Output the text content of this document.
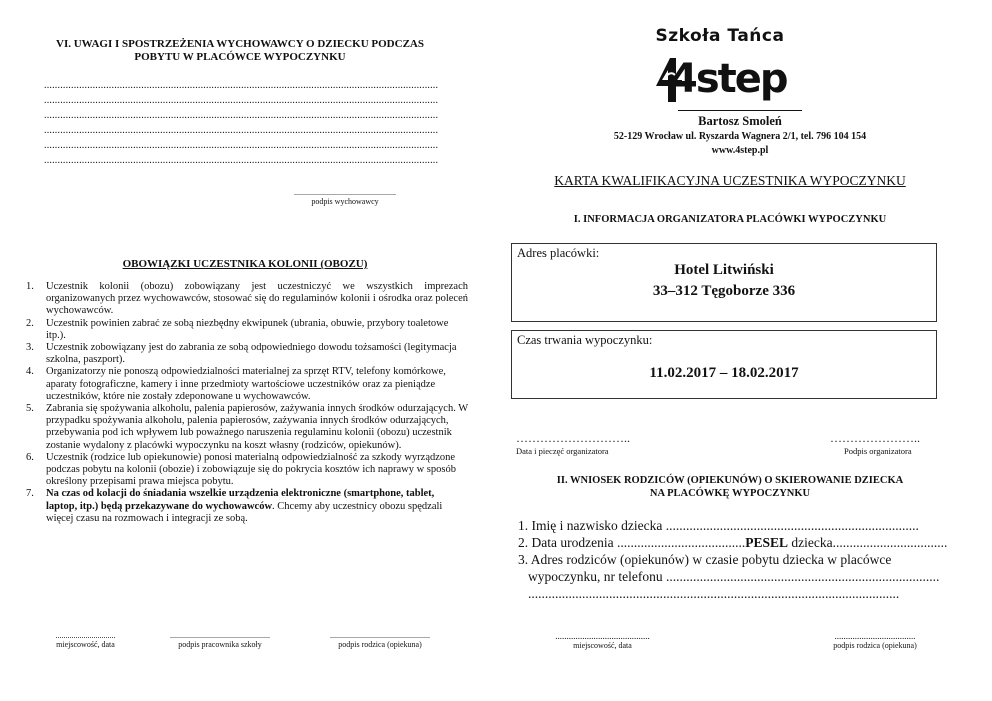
VI. UWAGI I SPOSTRZEŻENIA WYCHOWAWCY O DZIECKU PODCZAS
POBYTU W PLACÓWCE WYPOCZYNKU
..................................................................................................................................................
..................................................................................................................................................
..................................................................................................................................................
..................................................................................................................................................
..................................................................................................................................................
..................................................................................................................................................
...................................................
podpis wychowawcy
OBOWIĄZKI UCZESTNIKA KOLONII (OBOZU)
1. Uczestnik kolonii (obozu) zobowiązany jest uczestniczyć we wszystkich imprezach organizowanych przez wychowawców, stosować się do regulaminów kolonii i ośrodka oraz poleceń wychowawców.
2. Uczestnik powinien zabrać ze sobą niezbędny ekwipunek (ubrania, obuwie, przybory toaletowe itp.).
3. Uczestnik zobowiązany jest do zabrania ze sobą odpowiedniego dowodu tożsamości (legitymacja szkolna, paszport).
4. Organizatorzy nie ponoszą odpowiedzialności materialnej za sprzęt RTV, telefony komórkowe, aparaty fotograficzne, kamery i inne przedmioty wartościowe uczestników oraz za pieniądze uczestników, które nie zostały zdeponowane u wychowawców.
5. Zabrania się spożywania alkoholu, palenia papierosów, zażywania innych środków odurzających. W przypadku spożywania alkoholu, palenia papierosów, zażywania innych środków odurzających, przebywania pod ich wpływem lub poważnego naruszenia regulaminu kolonii (obozu) uczestnik zostanie wydalony z placówki wypoczynku na koszt własny (rodziców, opiekunów).
6. Uczestnik (rodzice lub opiekunowie) ponosi materialną odpowiedzialność za szkody wyrządzone podczas pobytu na kolonii (obozie) i zobowiązuje się do pokrycia kosztów ich naprawy w sposób określony przepisami prawa miejsca pobytu.
7. Na czas od kolacji do śniadania wszelkie urządzenia elektroniczne (smartphone, tablet, laptop, itp.) będą przekazywane do wychowawców. Chcemy aby uczestnicy obozu spędzali więcej czasu na rozmowach i integracji ze sobą.
..............................
miejscowość, data
..................................................
podpis pracownika szkoły
..................................................
podpis rodzica (opiekuna)
Szkoła Tańca
4step
Bartosz Smoleń
52-129 Wrocław ul. Ryszarda Wagnera 2/1, tel. 796 104 154
www.4step.pl
KARTA KWALIFIKACYJNA UCZESTNIKA WYPOCZYNKU
I. INFORMACJA ORGANIZATORA PLACÓWKI WYPOCZYNKU
Adres placówki:
Hotel Litwiński
33–312 Tęgoborze 336
Czas trwania wypoczynku:
11.02.2017 – 18.02.2017
………………………..
Data i pieczęć organizatora
…………………..
Podpis organizatora
II. WNIOSEK RODZICÓW (OPIEKUNÓW) O SKIEROWANIE DZIECKA
NA PLACÓWKĘ WYPOCZYNKU
1. Imię i nazwisko dziecka ...........................................................................
2. Data urodzenia ......................................PESEL dziecka..................................
3. Adres rodziców (opiekunów) w czasie pobytu dziecka w placówce
wypoczynku, nr telefonu .................................................................................
..............................................................................................................
..........................................
miejscowość, data
....................................
podpis rodzica (opiekuna)
